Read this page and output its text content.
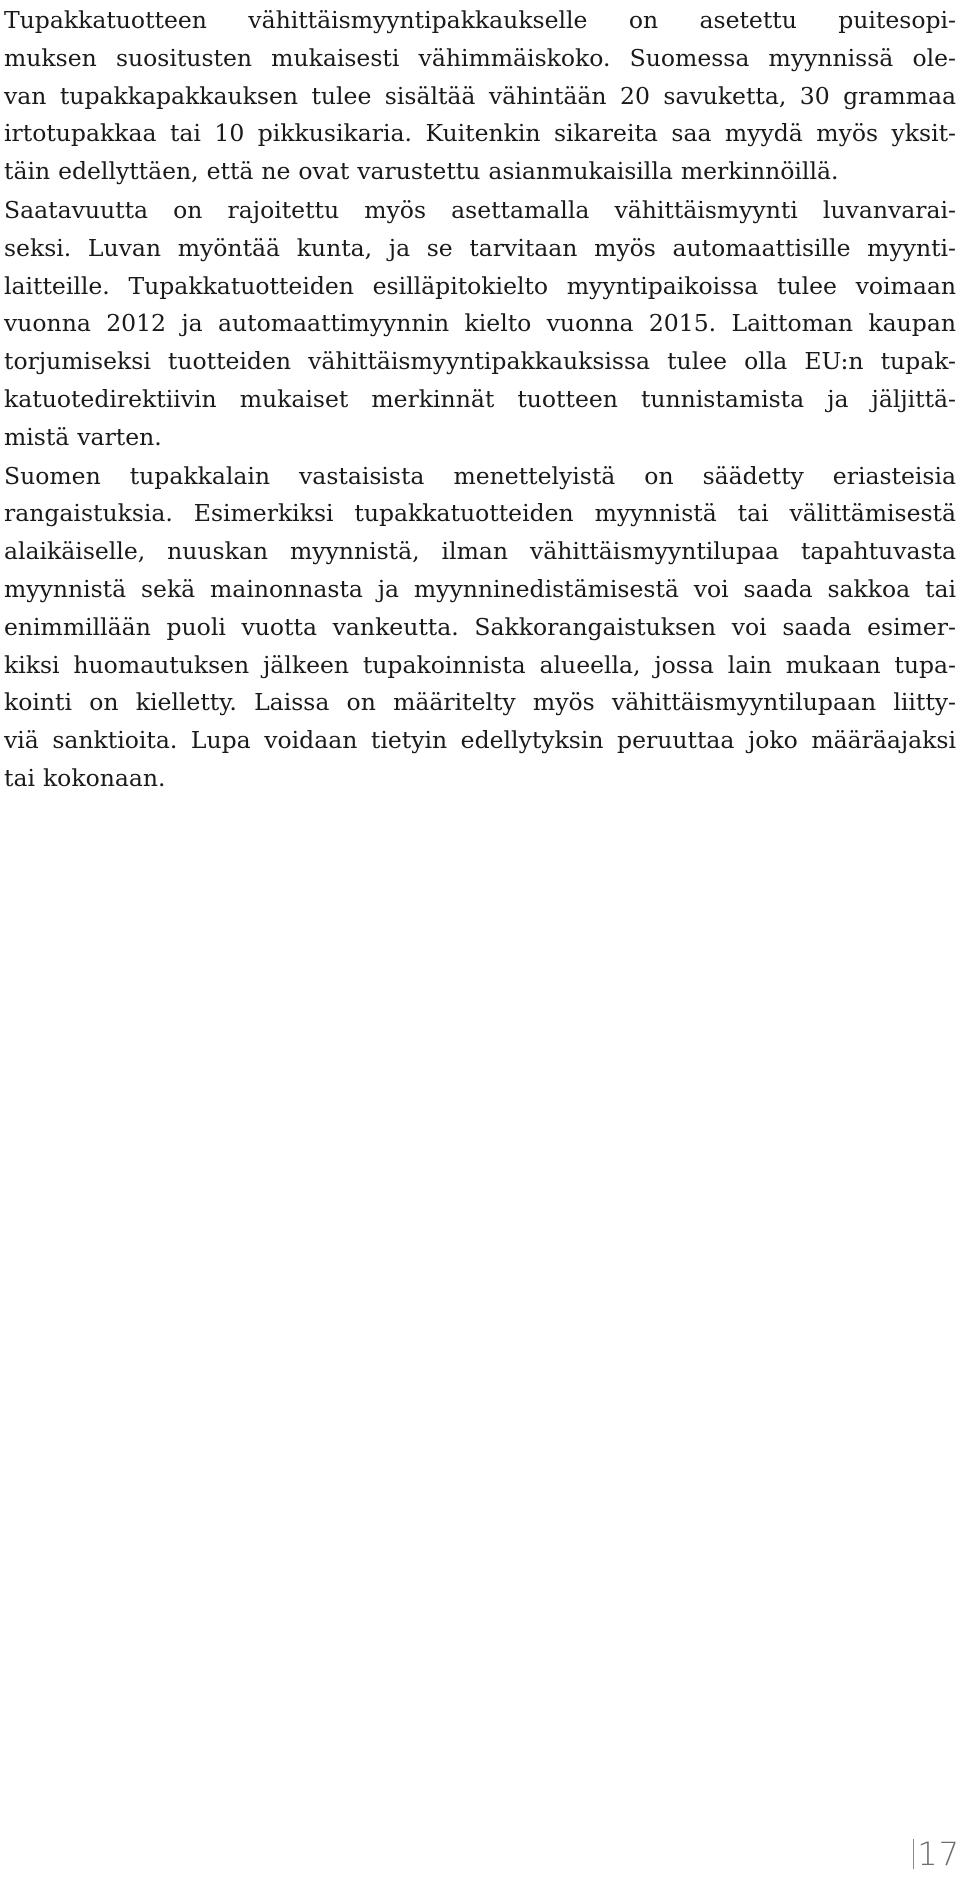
Tupakkatuotteen vähittäismyyntipakkaukselle on asetettu puitesopi-
muksen suositusten mukaisesti vähimmäiskoko. Suomessa myynnissä ole-
van tupakkapakkauksen tulee sisältää vähintään 20 savuketta, 30 grammaa
irtotupakkaa tai 10 pikkusikaria. Kuitenkin sikareita saa myydä myös yksit-
täin edellyttäen, että ne ovat varustettu asianmukaisilla merkinnöillä.

Saatavuutta on rajoitettu myös asettamalla vähittäismyynti luvanvarai-
seksi. Luvan myöntää kunta, ja se tarvitaan myös automaattisille myynti-
laitteille. Tupakkatuotteiden esilläpitokielto myyntipaikoissa tulee voimaan
vuonna 2012 ja automaattimyynnin kielto vuonna 2015. Laittoman kaupan
torjumiseksi tuotteiden vähittäismyyntipakkauksissa tulee olla EU:n tupak-
katuotedirektiivin mukaiset merkinnät tuotteen tunnistamista ja jäljittä-
mistä varten.

Suomen tupakkalain vastaisista menettelyistä on säädetty eriasteisia
rangaistuksia. Esimerkiksi tupakkatuotteiden myynnistä tai välittämisestä
alaikäiselle, nuuskan myynnistä, ilman vähittäismyyntilupaa tapahtuvasta
myynnistä sekä mainonnasta ja myynninedistämisestä voi saada sakkoa tai
enimmillään puoli vuotta vankeutta. Sakkorangaistuksen voi saada esimer-
kiksi huomautuksen jälkeen tupakoinnista alueella, jossa lain mukaan tupa-
kointi on kielletty. Laissa on määritelty myös vähittäismyyntilupaan liitty-
viä sanktioita. Lupa voidaan tietyin edellytyksin peruuttaa joko määräajaksi
tai kokonaan.

17
